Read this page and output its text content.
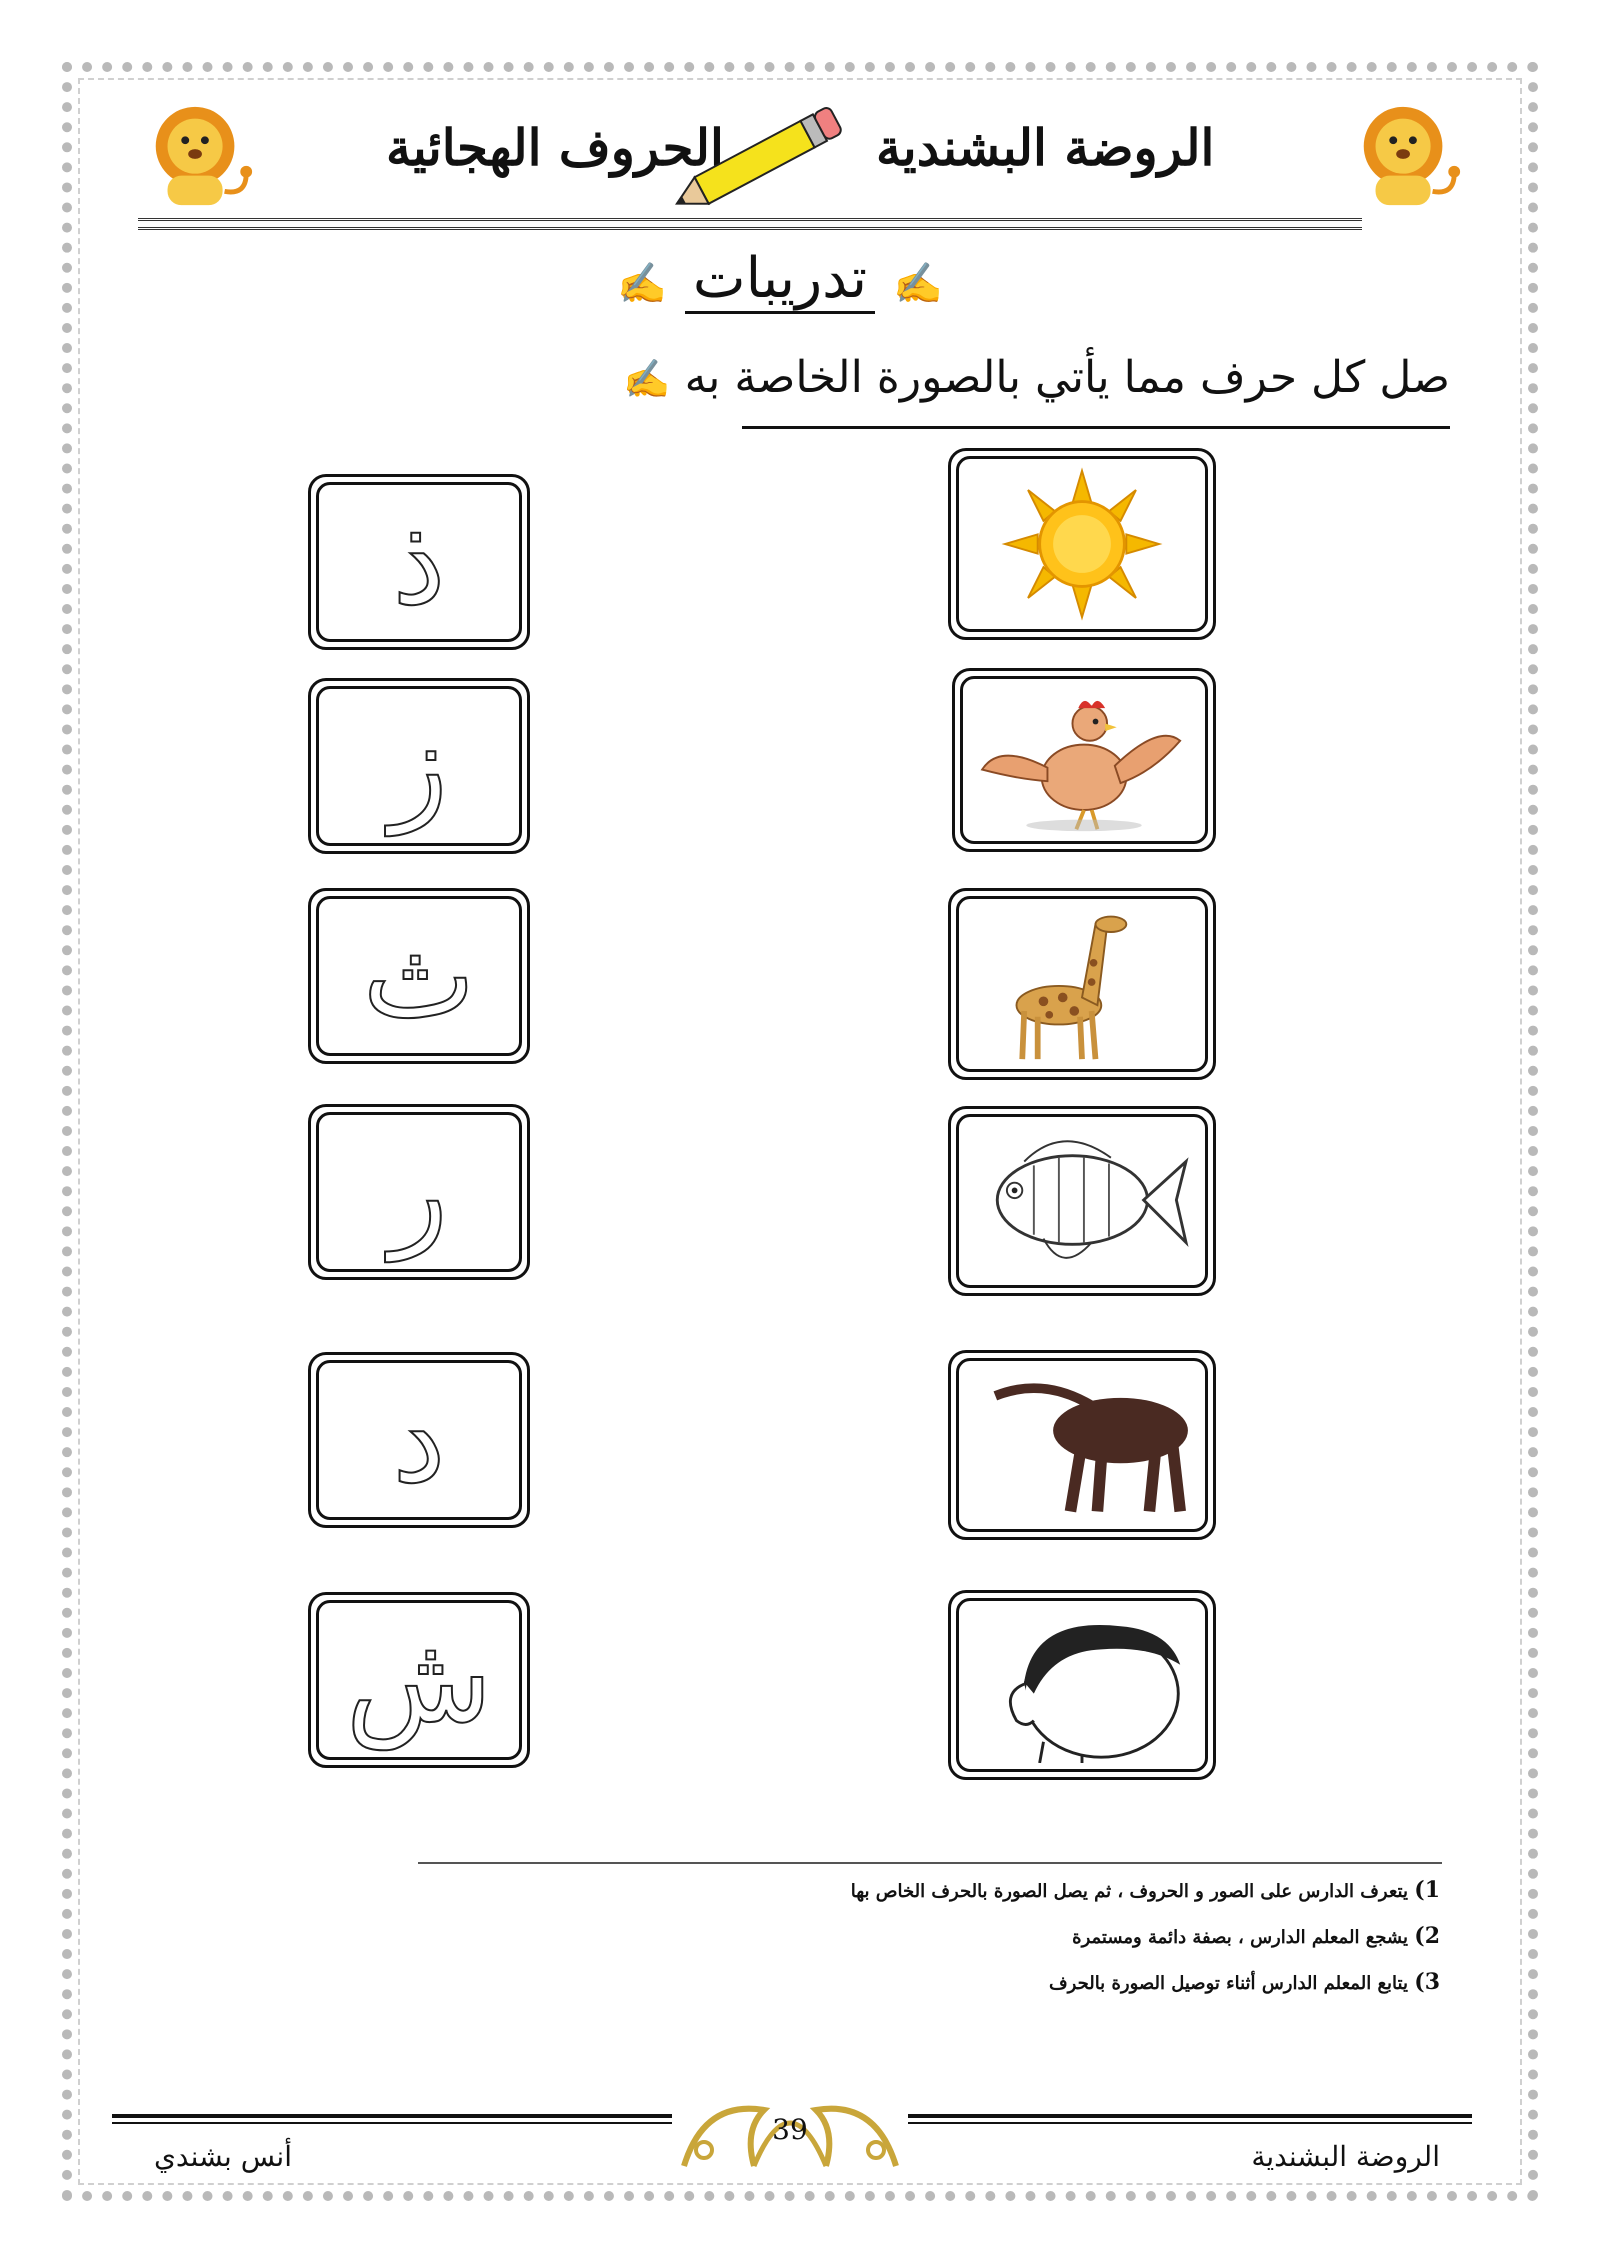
الروضة البشندية
الحروف الهجائية
✍ تدريبات ✍
صل كل حرف مما يأتي بالصورة الخاصة به ✍
ذ
ز
ث
ر
د
ش
1) يتعرف الدارس على الصور و الحروف ، ثم يصل الصورة بالحرف الخاص بها
2) يشجع المعلم الدارس ، بصفة دائمة ومستمرة
3) يتابع المعلم الدارس أثناء توصيل الصورة بالحرف
39
أنس بشندي	الروضة البشندية
